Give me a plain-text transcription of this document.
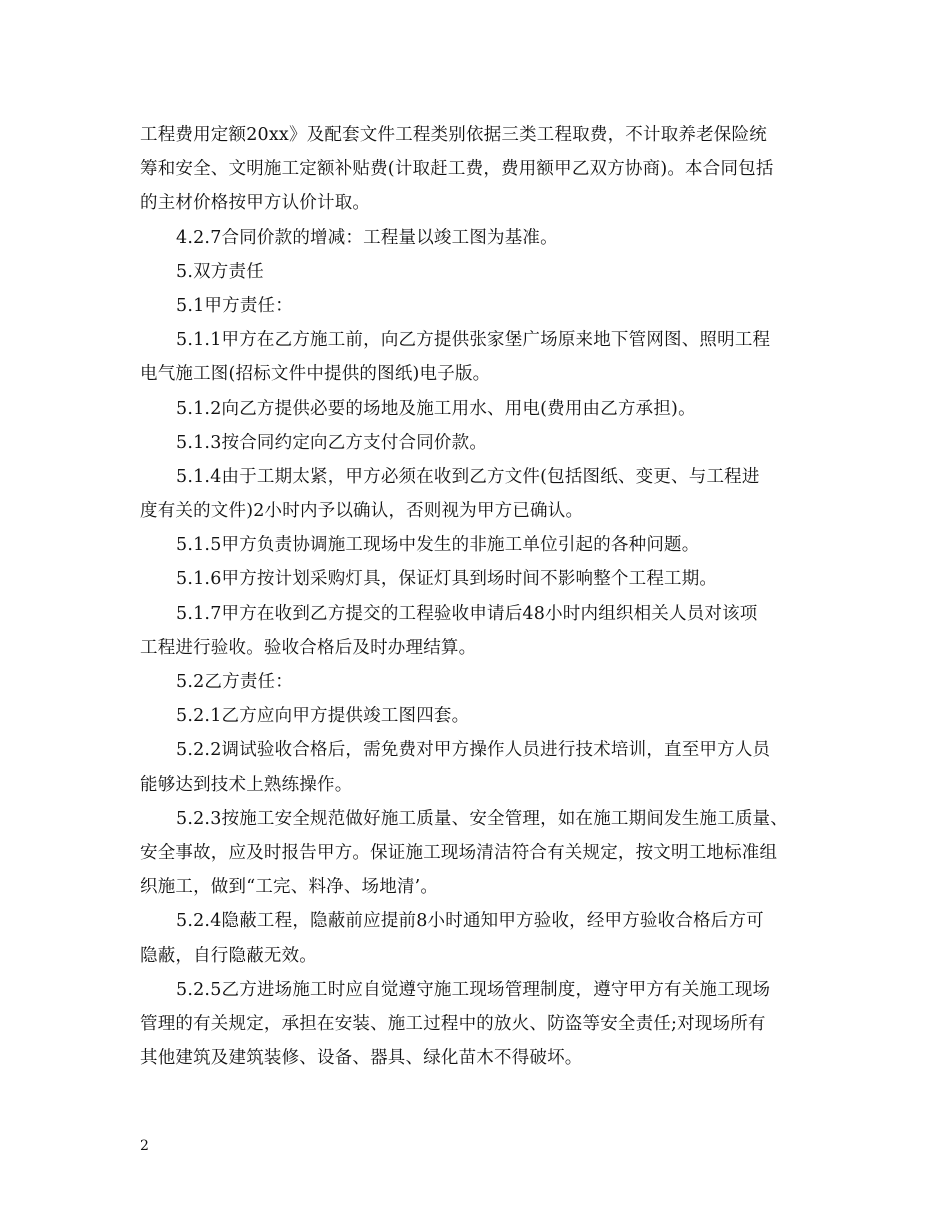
工程费用定额20xx》及配套文件工程类别依据三类工程取费，不计取养老保险统
筹和安全、文明施工定额补贴费(计取赶工费，费用额甲乙双方协商)。本合同包括
的主材价格按甲方认价计取。
4.2.7合同价款的增减：工程量以竣工图为基准。
5.双方责任
5.1甲方责任：
5.1.1甲方在乙方施工前，向乙方提供张家堡广场原来地下管网图、照明工程
电气施工图(招标文件中提供的图纸)电子版。
5.1.2向乙方提供必要的场地及施工用水、用电(费用由乙方承担)。
5.1.3按合同约定向乙方支付合同价款。
5.1.4由于工期太紧，甲方必须在收到乙方文件(包括图纸、变更、与工程进
度有关的文件)2小时内予以确认，否则视为甲方已确认。
5.1.5甲方负责协调施工现场中发生的非施工单位引起的各种问题。
5.1.6甲方按计划采购灯具，保证灯具到场时间不影响整个工程工期。
5.1.7甲方在收到乙方提交的工程验收申请后48小时内组织相关人员对该项
工程进行验收。验收合格后及时办理结算。
5.2乙方责任：
5.2.1乙方应向甲方提供竣工图四套。
5.2.2调试验收合格后，需免费对甲方操作人员进行技术培训，直至甲方人员
能够达到技术上熟练操作。
5.2.3按施工安全规范做好施工质量、安全管理，如在施工期间发生施工质量、
安全事故，应及时报告甲方。保证施工现场清洁符合有关规定，按文明工地标准组
织施工，做到“工完、料净、场地清’。
5.2.4隐蔽工程，隐蔽前应提前8小时通知甲方验收，经甲方验收合格后方可
隐蔽，自行隐蔽无效。
5.2.5乙方进场施工时应自觉遵守施工现场管理制度，遵守甲方有关施工现场
管理的有关规定，承担在安装、施工过程中的放火、防盗等安全责任;对现场所有
其他建筑及建筑装修、设备、器具、绿化苗木不得破坏。
2
